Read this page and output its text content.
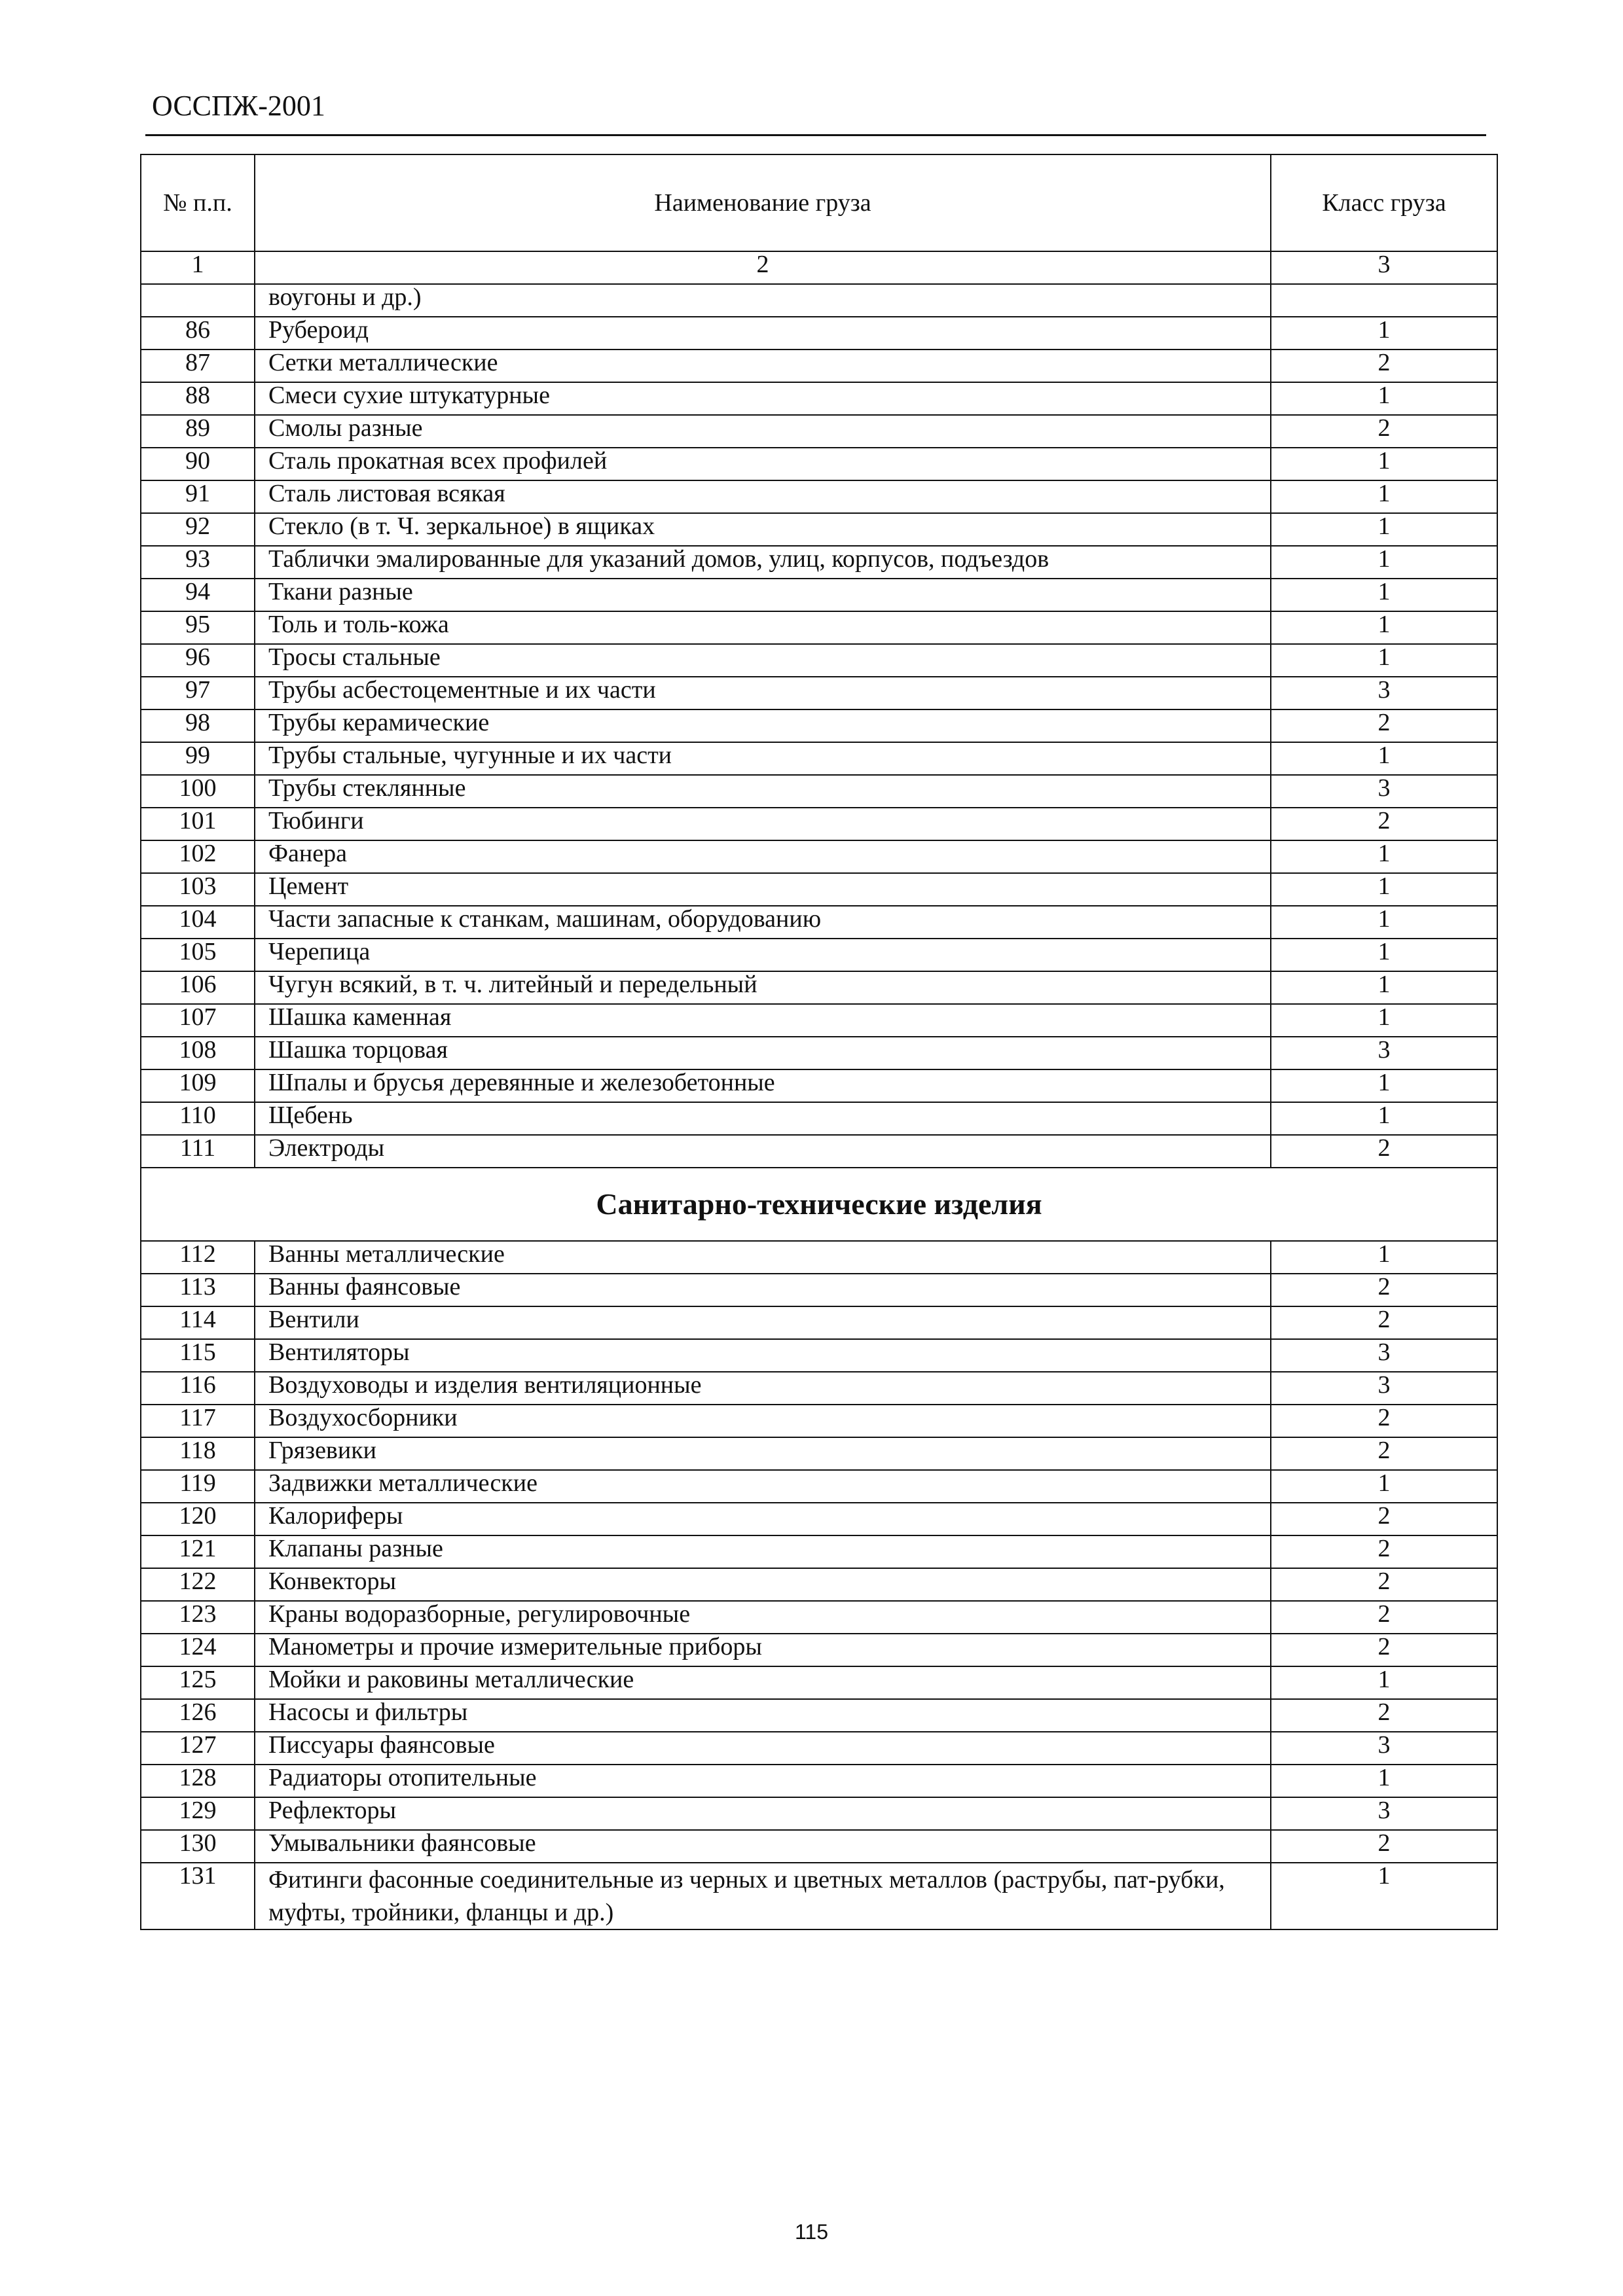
ОССПЖ-2001
№ п.п.	Наименование груза	Класс груза
1	2	3
	воугоны и др.)	
86	Рубероид	1
87	Сетки металлические	2
88	Смеси сухие штукатурные	1
89	Смолы разные	2
90	Сталь прокатная всех профилей	1
91	Сталь листовая всякая	1
92	Стекло (в т. Ч. зеркальное) в ящиках	1
93	Таблички эмалированные для указаний домов, улиц, корпусов, подъездов	1
94	Ткани разные	1
95	Толь и толь-кожа	1
96	Тросы стальные	1
97	Трубы асбестоцементные и их части	3
98	Трубы керамические	2
99	Трубы стальные, чугунные и их части	1
100	Трубы стеклянные	3
101	Тюбинги	2
102	Фанера	1
103	Цемент	1
104	Части запасные к станкам, машинам, оборудованию	1
105	Черепица	1
106	Чугун всякий, в т. ч. литейный и передельный	1
107	Шашка каменная	1
108	Шашка торцовая	3
109	Шпалы и брусья деревянные и железобетонные	1
110	Щебень	1
111	Электроды	2
Санитарно-технические изделия		
112	Ванны металлические	1
113	Ванны фаянсовые	2
114	Вентили	2
115	Вентиляторы	3
116	Воздуховоды и изделия вентиляционные	3
117	Воздухосборники	2
118	Грязевики	2
119	Задвижки металлические	1
120	Калориферы	2
121	Клапаны разные	2
122	Конвекторы	2
123	Краны водоразборные, регулировочные	2
124	Манометры и прочие измерительные приборы	2
125	Мойки и раковины металлические	1
126	Насосы и фильтры	2
127	Писсуары фаянсовые	3
128	Радиаторы отопительные	1
129	Рефлекторы	3
130	Умывальники фаянсовые	2
131	Фитинги фасонные соединительные из черных и цветных металлов (раструбы, пат-рубки, муфты, тройники, фланцы и др.)	1
115
